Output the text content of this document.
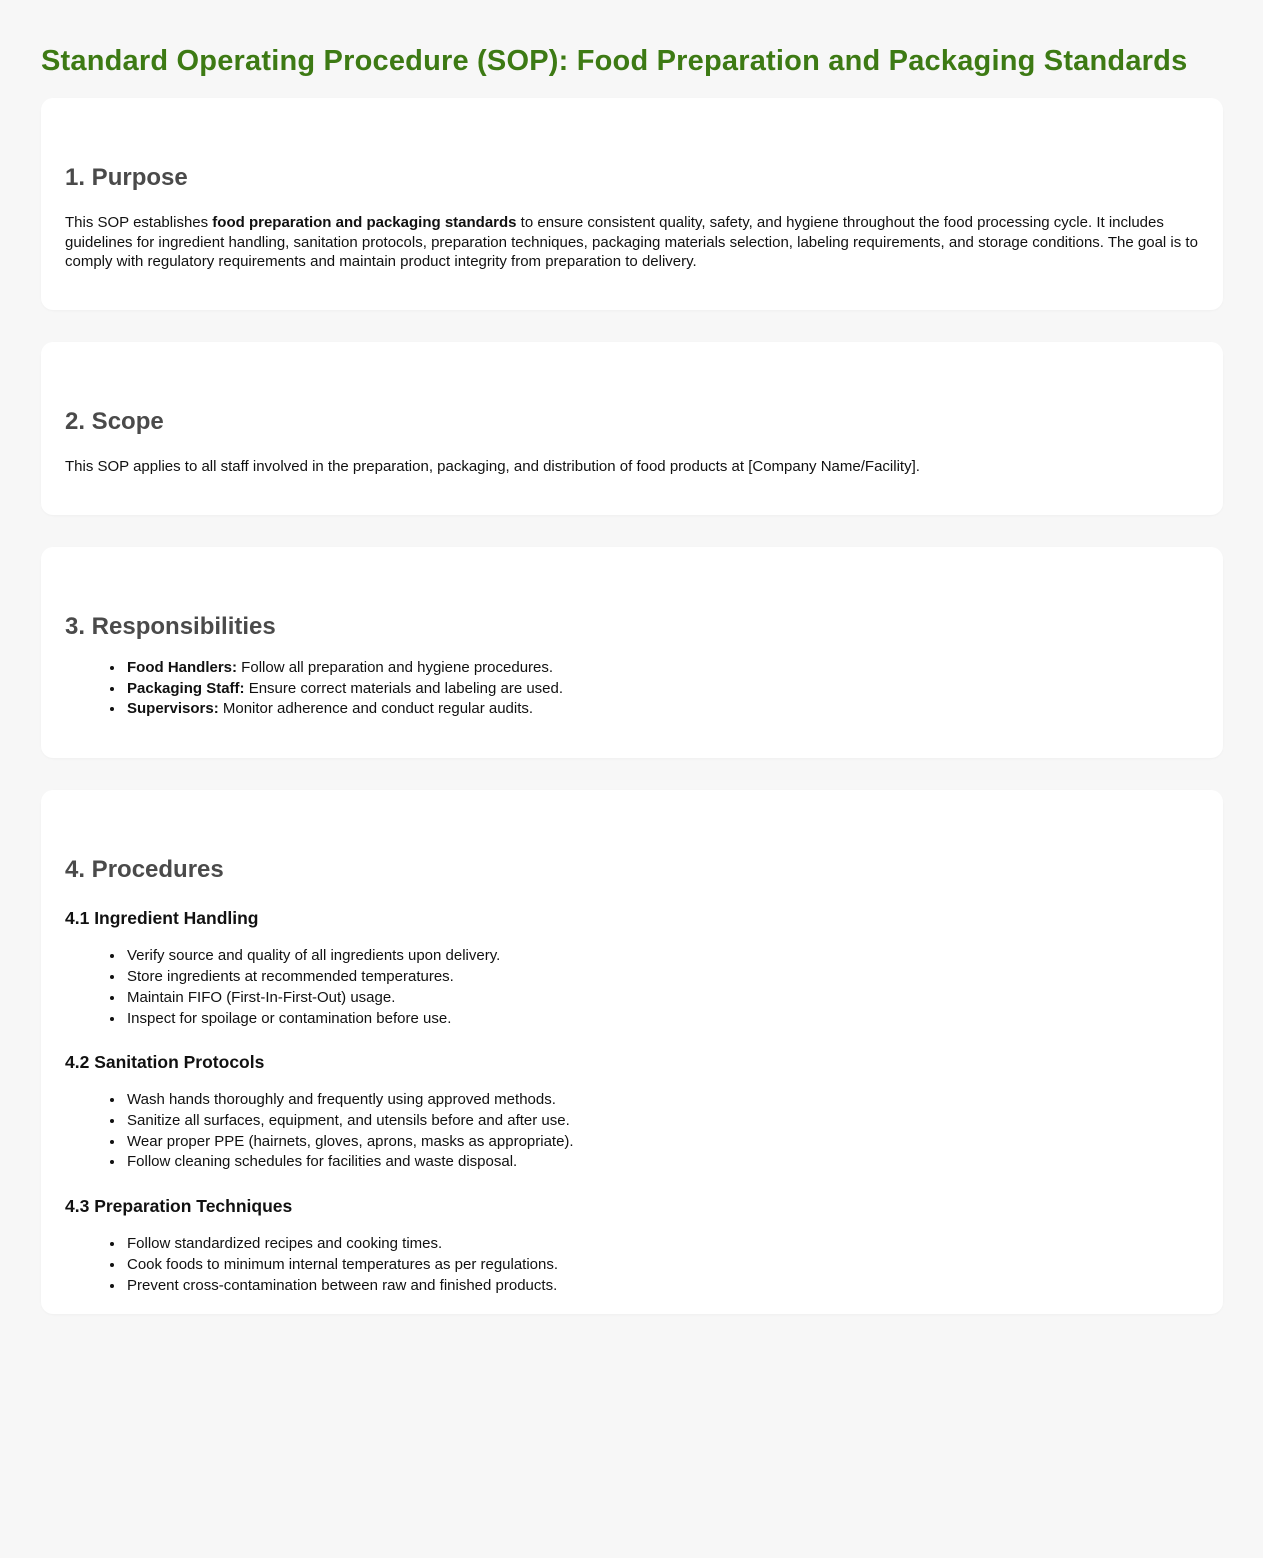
Standard Operating Procedure (SOP): Food Preparation and Packaging Standards
1. Purpose

This SOP establishes food preparation and packaging standards to ensure consistent quality, safety, and hygiene throughout the food processing cycle. It includes guidelines for ingredient handling, sanitation protocols, preparation techniques, packaging materials selection, labeling requirements, and storage conditions. The goal is to comply with regulatory requirements and maintain product integrity from preparation to delivery.

2. Scope

This SOP applies to all staff involved in the preparation, packaging, and distribution of food products at [Company Name/Facility].

3. Responsibilities
• Food Handlers: Follow all preparation and hygiene procedures.
• Packaging Staff: Ensure correct materials and labeling are used.
• Supervisors: Monitor adherence and conduct regular audits.
4. Procedures
4.1 Ingredient Handling
• Verify source and quality of all ingredients upon delivery.
• Store ingredients at recommended temperatures.
• Maintain FIFO (First-In-First-Out) usage.
• Inspect for spoilage or contamination before use.
4.2 Sanitation Protocols
• Wash hands thoroughly and frequently using approved methods.
• Sanitize all surfaces, equipment, and utensils before and after use.
• Wear proper PPE (hairnets, gloves, aprons, masks as appropriate).
• Follow cleaning schedules for facilities and waste disposal.
4.3 Preparation Techniques
• Follow standardized recipes and cooking times.
• Cook foods to minimum internal temperatures as per regulations.
• Prevent cross-contamination between raw and finished products.
